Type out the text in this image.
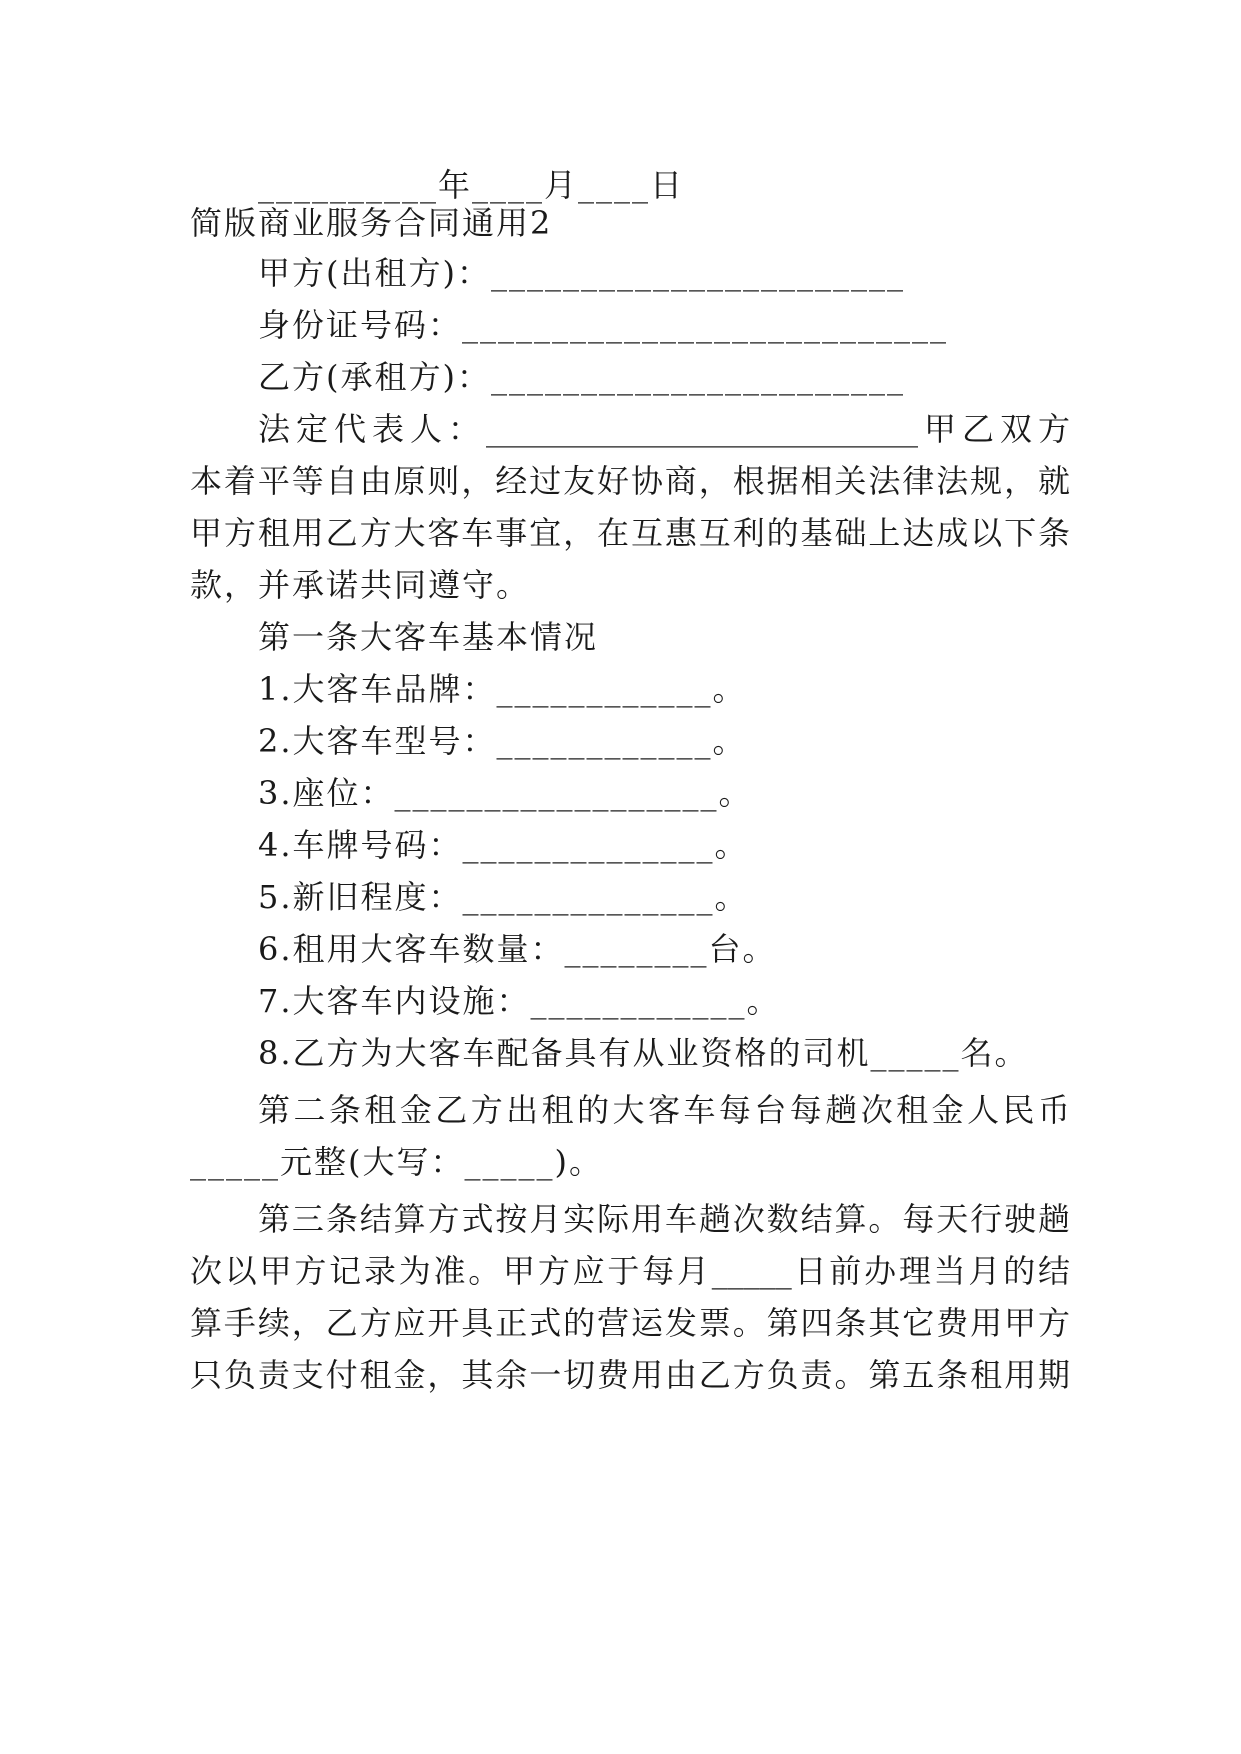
__________年____月____日
简版商业服务合同通用2
甲方(出租方)：_______________________
身份证号码：___________________________
乙方(承租方)：_______________________
法定代表人：___________________________甲乙双方
本着平等自由原则，经过友好协商，根据相关法律法规，就
甲方租用乙方大客车事宜，在互惠互利的基础上达成以下条
款，并承诺共同遵守。
第一条大客车基本情况
1.大客车品牌：____________。
2.大客车型号：____________。
3.座位：__________________。
4.车牌号码：______________。
5.新旧程度：______________。
6.租用大客车数量：________台。
7.大客车内设施：____________。
8.乙方为大客车配备具有从业资格的司机_____名。
第二条租金乙方出租的大客车每台每趟次租金人民币
_____元整(大写：_____)。
第三条结算方式按月实际用车趟次数结算。每天行驶趟
次以甲方记录为准。甲方应于每月_____日前办理当月的结
算手续，乙方应开具正式的营运发票。第四条其它费用甲方
只负责支付租金，其余一切费用由乙方负责。第五条租用期
